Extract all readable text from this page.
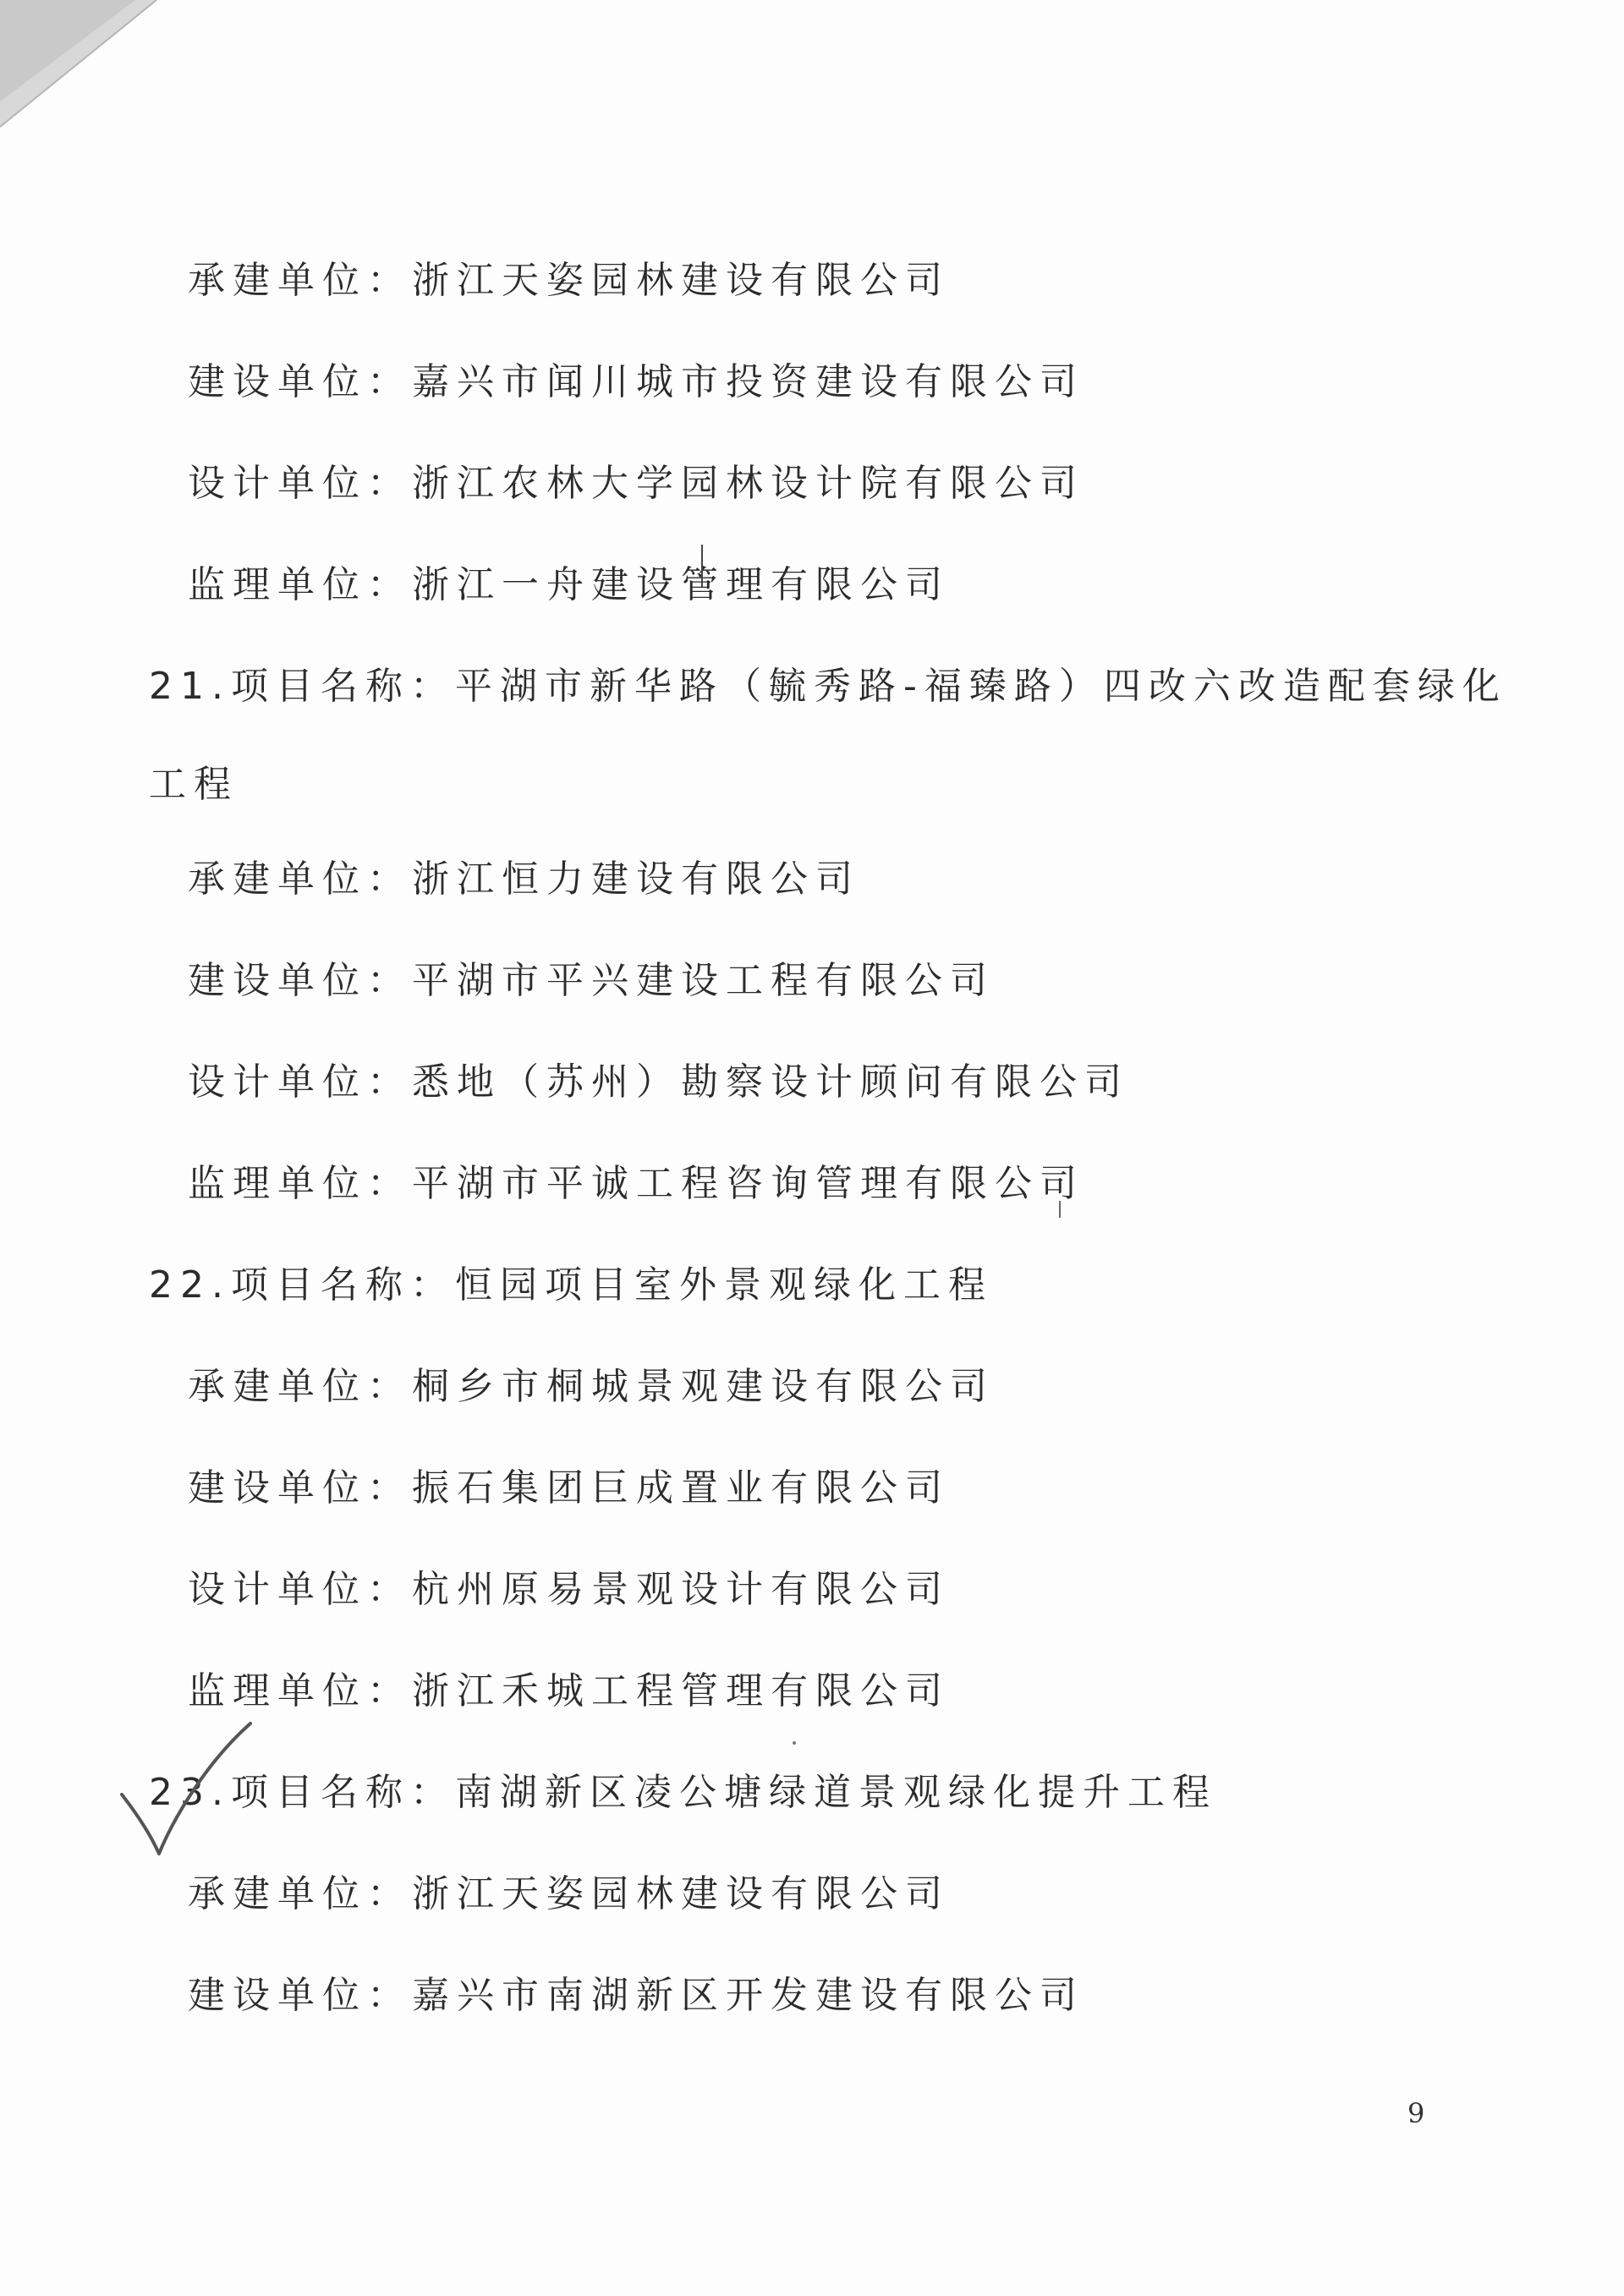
承建单位：浙江天姿园林建设有限公司
建设单位：嘉兴市闻川城市投资建设有限公司
设计单位：浙江农林大学园林设计院有限公司
监理单位：浙江一舟建设管理有限公司
21.项目名称：平湖市新华路（毓秀路-福臻路）四改六改造配套绿化
工程
承建单位：浙江恒力建设有限公司
建设单位：平湖市平兴建设工程有限公司
设计单位：悉地（苏州）勘察设计顾问有限公司
监理单位：平湖市平诚工程咨询管理有限公司
22.项目名称：恒园项目室外景观绿化工程
承建单位：桐乡市桐城景观建设有限公司
建设单位：振石集团巨成置业有限公司
设计单位：杭州原易景观设计有限公司
监理单位：浙江禾城工程管理有限公司
23.项目名称：南湖新区凌公塘绿道景观绿化提升工程
承建单位：浙江天姿园林建设有限公司
建设单位：嘉兴市南湖新区开发建设有限公司
9
